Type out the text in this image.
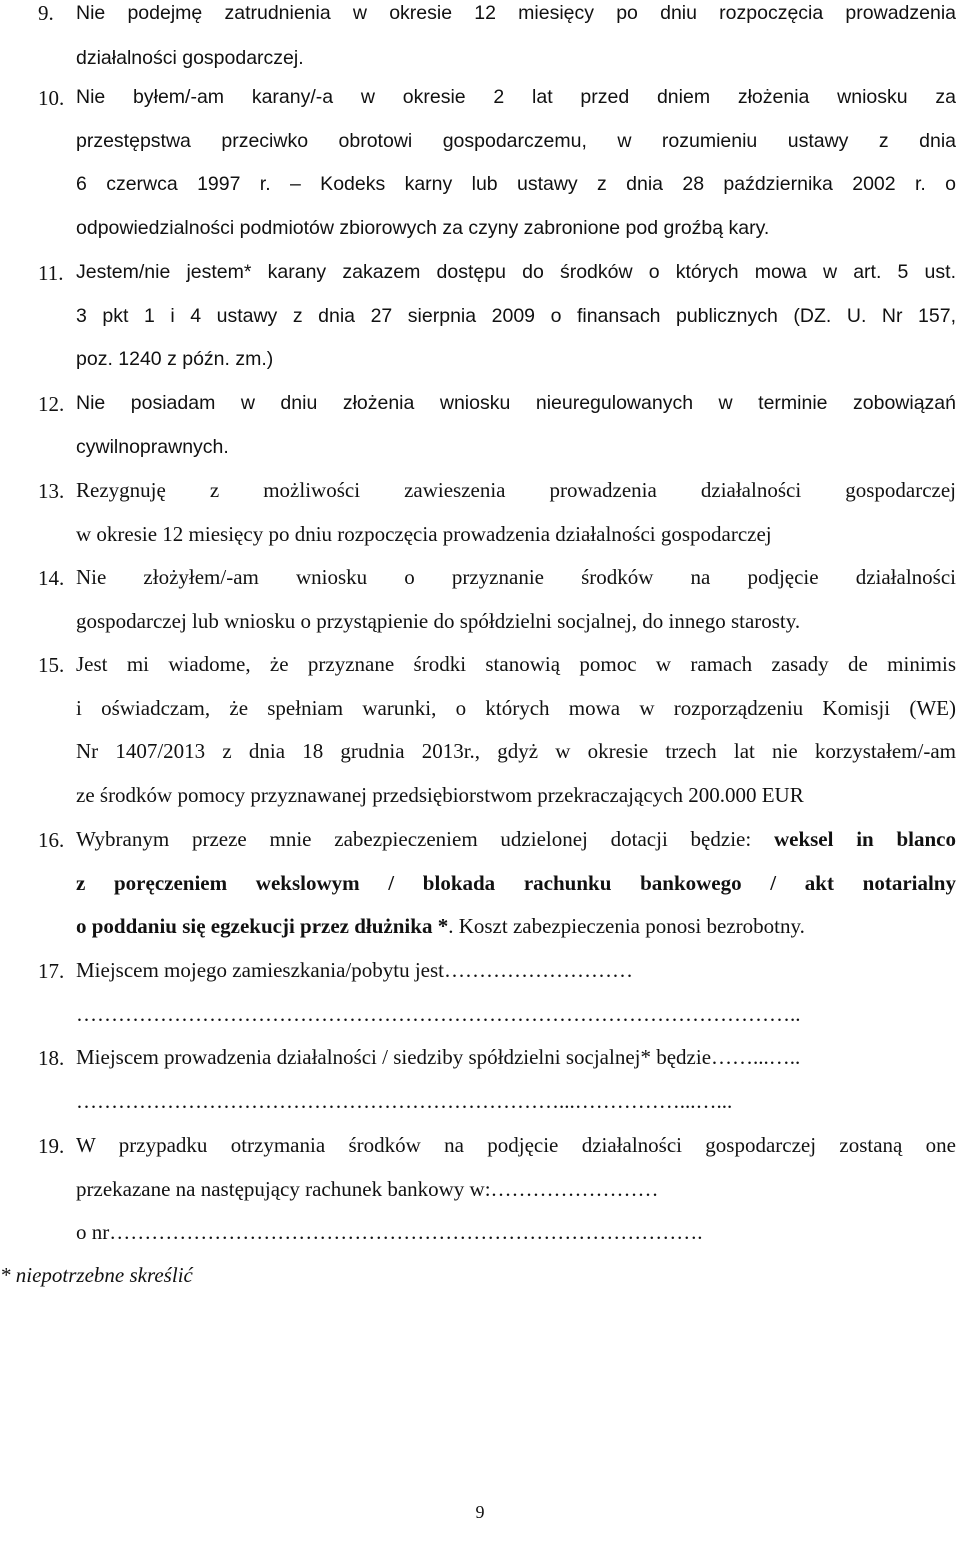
9.	Nie podejmę zatrudnienia w okresie 12 miesięcy po dniu rozpoczęcia prowadzenia
działalności gospodarczej.
10. Nie byłem/-am karany/-a w okresie 2 lat przed dniem złożenia wniosku za
przestępstwa przeciwko obrotowi gospodarczemu, w rozumieniu ustawy z dnia
6 czerwca 1997 r. – Kodeks karny lub ustawy z dnia 28 października 2002 r. o
odpowiedzialności podmiotów zbiorowych za czyny zabronione pod groźbą kary.
11. Jestem/nie jestem* karany zakazem dostępu do środków o których mowa w art. 5 ust.
3 pkt 1 i 4 ustawy z dnia 27 sierpnia 2009 o finansach publicznych (DZ. U. Nr 157,
poz. 1240 z późn. zm.)
12. Nie posiadam w dniu złożenia wniosku nieuregulowanych w terminie zobowiązań
cywilnoprawnych.
13. Rezygnuję z możliwości zawieszenia prowadzenia działalności gospodarczej
w okresie 12 miesięcy po dniu rozpoczęcia prowadzenia działalności gospodarczej
14. Nie złożyłem/-am wniosku o przyznanie środków na podjęcie działalności
gospodarczej lub wniosku o przystąpienie do spółdzielni socjalnej, do innego starosty.
15. Jest mi wiadome, że przyznane środki stanowią pomoc w ramach zasady de minimis
i oświadczam, że spełniam warunki, o których mowa w rozporządzeniu Komisji (WE)
Nr 1407/2013 z dnia 18 grudnia 2013r., gdyż w okresie trzech lat nie korzystałem/-am
ze środków pomocy przyznawanej przedsiębiorstwom przekraczających 200.000 EUR
16. Wybranym przeze mnie zabezpieczeniem udzielonej dotacji będzie: weksel in blanco
z poręczeniem wekslowym / blokada rachunku bankowego / akt notarialny
o poddaniu się egzekucji przez dłużnika *. Koszt zabezpieczenia ponosi bezrobotny.
17. Miejscem mojego zamieszkania/pobytu jest………………………
…………………………………………………………………………………………..
18. Miejscem prowadzenia działalności / siedziby spółdzielni socjalnej* będzie……...…..
……………………………………………………………...……………...…...
19. W przypadku otrzymania środków na podjęcie działalności gospodarczej zostaną one
przekazane na następujący rachunek bankowy w:……………………
o nr………………………………………………………………………….
* niepotrzebne skreślić
9
